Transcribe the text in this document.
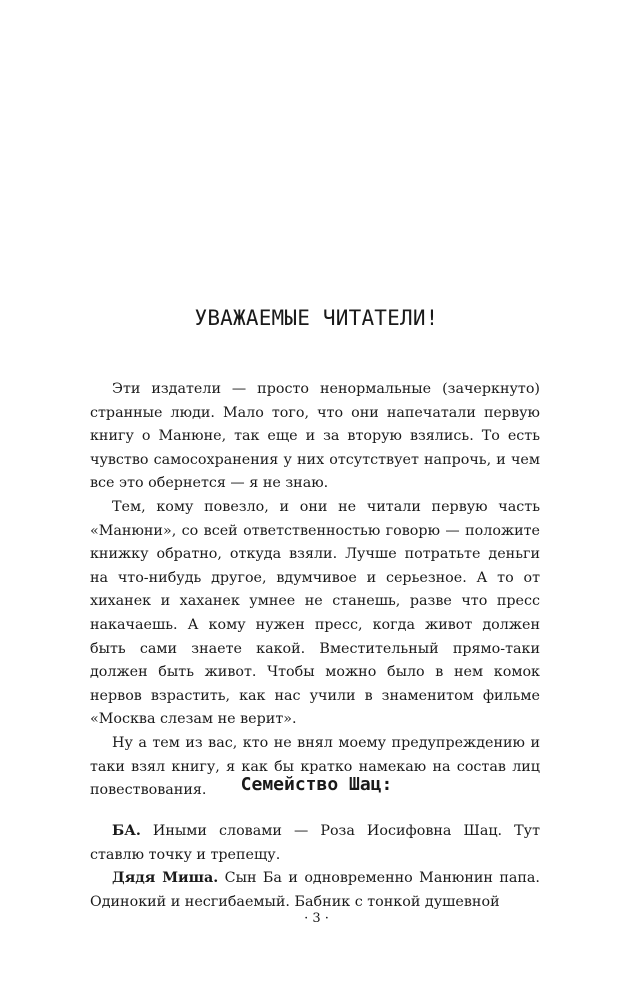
УВАЖАЕМЫЕ ЧИТАТЕЛИ!

Эти издатели — просто ненормальные (зачеркнуто) странные люди. Мало того, что они напечатали первую книгу о Манюне, так еще и за вторую взялись. То есть чувство самосохранения у них отсутствует напрочь, и чем все это обернется — я не знаю.

Тем, кому повезло, и они не читали первую часть «Манюни», со всей ответственностью говорю — положите книжку обратно, откуда взяли. Лучше потратьте деньги на что-нибудь другое, вдумчивое и серьезное. А то от хиханек и хаханек умнее не станешь, разве что пресс накачаешь. А кому нужен пресс, когда живот должен быть сами знаете какой. Вместительный прямо-таки должен быть живот. Чтобы можно было в нем комок нервов взрастить, как нас учили в знаменитом фильме «Москва слезам не верит».

Ну а тем из вас, кто не внял моему предупреждению и таки взял книгу, я как бы кратко намекаю на состав лиц повествования.	Семейство Шац:

БА. Иными словами — Роза Иосифовна Шац. Тут ставлю точку и трепещу.

Дядя Миша. Сын Ба и одновременно Манюнин папа. Одинокий и несгибаемый. Бабник с тонкой душевной

· 3 ·
